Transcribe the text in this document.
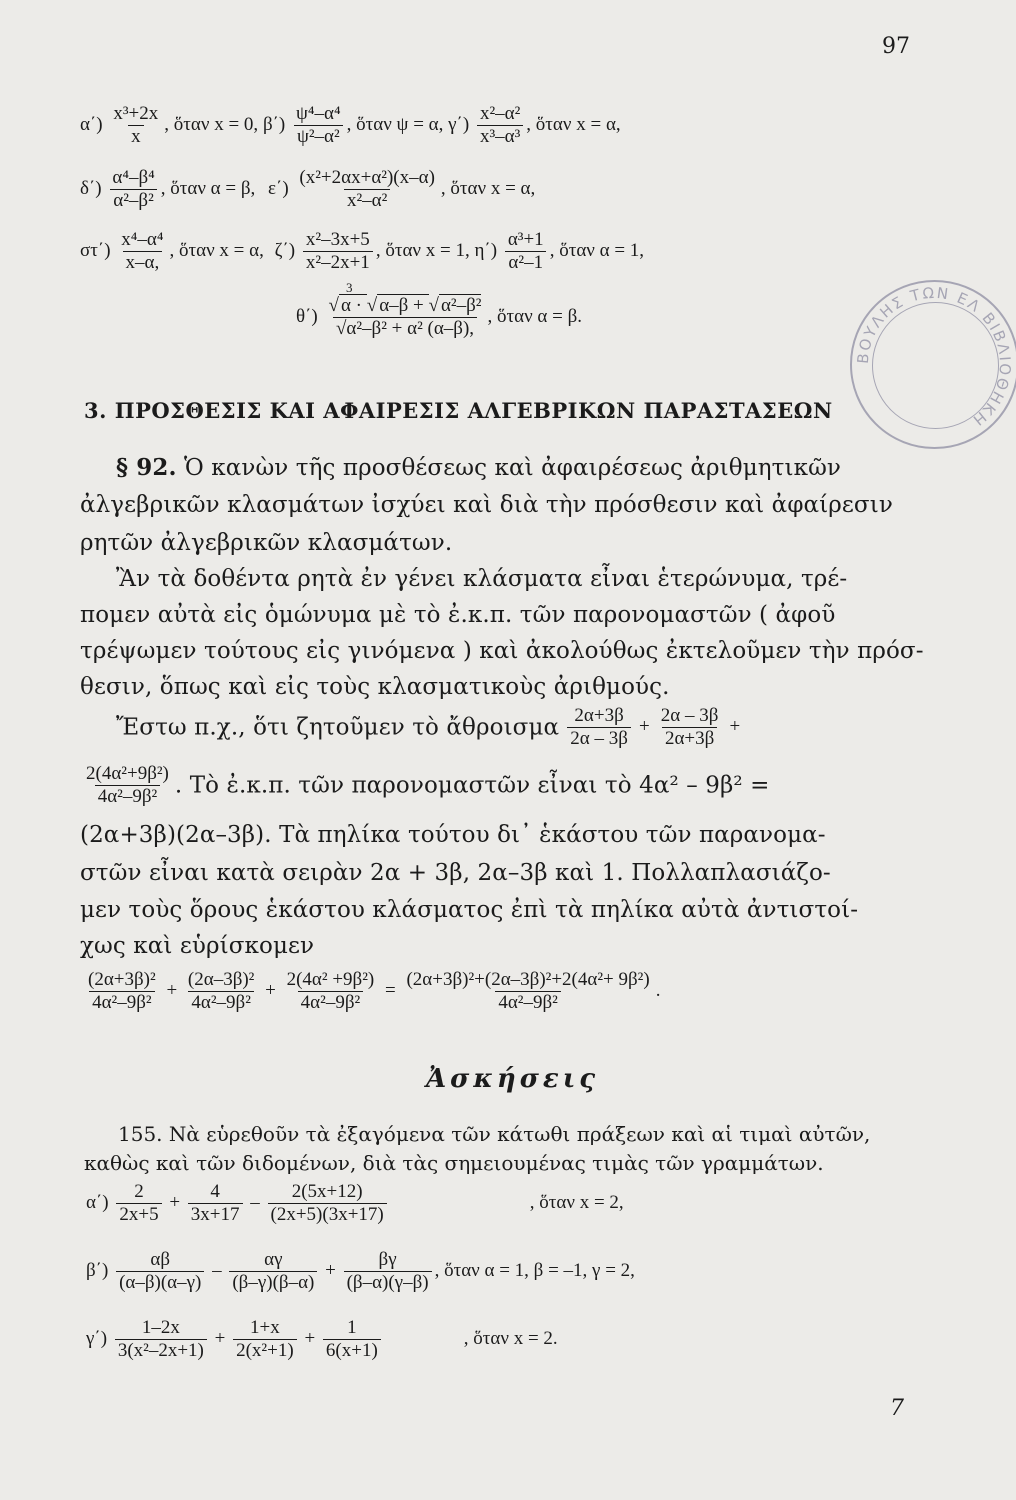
97
$\alpha΄) \frac{\text{x³+2x}}{x}$ , ὅταν x = 0, $\beta΄) \frac{\text{ψ⁴–α⁴}}{\text{ψ²–α²}}$ , ὅταν ψ = α, $\gamma΄) \frac{\text{x²–α²}}{\text{x³–α³}}$ , ὅταν x = α,
$\delta΄) \frac{\text{α⁴–β⁴}}{\text{α²–β²}}$ , ὅταν α = β, $\varepsilon΄) \frac{\text{(x²+2αx+α²)(x–α)}}{\text{x²–α²}}$ , ὅταν x = α,
$\sigma\tau΄) \frac{\text{x⁴–α⁴}}{x-\alpha,}$ , ὅταν x = α, $\zeta΄) \frac{\text{x²–3x+5}}{\text{x²–2x+1}}$ , ὅταν x = 1, $\eta΄) \frac{\text{α³+1}}{\text{α²–1}}$ , ὅταν α = 1,
3
$\theta΄) \frac{\text{√ α · √ α–β + √ α²–β²}}{\text{√α²–β² + α² (α–β),}}$ , ὅταν α = β.
ΒΟΥΛΗΣ ΤΩΝ ΕΛ ΒΙΒΛΙΟΘΗΚΗ
3. ΠΡΟΣΘΕΣΙΣ ΚΑΙ ΑΦΑΙΡΕΣΙΣ ΑΛΓΕΒΡΙΚΩΝ ΠΑΡΑΣΤΑΣΕΩΝ
§ 92. Ὁ κανὼν τῆς προσθέσεως καὶ ἀφαιρέσεως ἀριθμητικῶν
ἀλγεβρικῶν κλασμάτων ἰσχύει καὶ διὰ τὴν πρόσθεσιν καὶ ἀφαίρεσιν
ρητῶν ἀλγεβρικῶν κλασμάτων.
Ἂν τὰ δοθέντα ρητὰ ἐν γένει κλάσματα εἶναι ἑτερώνυμα, τρέ-
πομεν αὐτὰ εἰς ὁμώνυμα μὲ τὸ ἐ.κ.π. τῶν παρονομαστῶν ( ἀφοῦ
τρέψωμεν τούτους εἰς γινόμενα ) καὶ ἀκολούθως ἐκτελοῦμεν τὴν πρόσ-
θεσιν, ὅπως καὶ εἰς τοὺς κλασματικοὺς ἀριθμούς.
Ἔστω π.χ., ὅτι ζητοῦμεν τὸ ἄθροισμα $\frac{2\alpha+3\beta}{2\alpha - 3\beta} + \frac{2\alpha - 3\beta}{2\alpha+3\beta}$ +
$\frac{\text{2(4α²+9β²)}}{\text{4α²–9β²}}$ . Τὸ ἐ.κ.π. τῶν παρονομαστῶν εἶναι τὸ 4α² – 9β² =
(2α+3β)(2α–3β). Τὰ πηλίκα τούτου δι᾽ ἑκάστου τῶν παρανομα-
στῶν εἶναι κατὰ σειρὰν 2α + 3β, 2α–3β καὶ 1. Πολλαπλασιάζο-
μεν τοὺς ὅρους ἑκάστου κλάσματος ἐπὶ τὰ πηλίκα αὐτὰ ἀντιστοί-
χως καὶ εὑρίσκομεν
$\frac{\text{(2α+3β)²}}{\text{4α²–9β²}} + \frac{\text{(2α–3β)²}}{\text{4α²–9β²}} + \frac{\text{2(4α² +9β²)}}{\text{4α²–9β²}} = \frac{\text{(2α+3β)²+(2α–3β)²+2(4α²+ 9β²)}}{\text{4α²–9β²}}$ .
Ἀσκήσεις
155. Νὰ εὑρεθοῦν τὰ ἐξαγόμενα τῶν κάτωθι πράξεων καὶ αἱ τιμαὶ αὐτῶν,
καθὼς καὶ τῶν διδομένων, διὰ τὰς σημειουμένας τιμὰς τῶν γραμμάτων.
$\alpha΄) \frac{2}{2x+5} + \frac{4}{3x+17} - \frac{2(5x+12)}{(2x+5)(3x+17)}$	, ὅταν x = 2,
$\beta΄) \frac{\alpha\beta}{(\alpha-\beta)(\alpha-\gamma)} - \frac{\alpha\gamma}{(\beta-\gamma)(\beta-\alpha)} + \frac{\beta\gamma}{(\beta-\alpha)(\gamma-\beta)}$ , ὅταν α = 1, β = –1, γ = 2,
$\gamma΄) \frac{1-2x}{\text{3(x²–2x+1)}} + \frac{1+x}{\text{2(x²+1)}} + \frac{1}{6(x+1)}$	, ὅταν x = 2.
7
